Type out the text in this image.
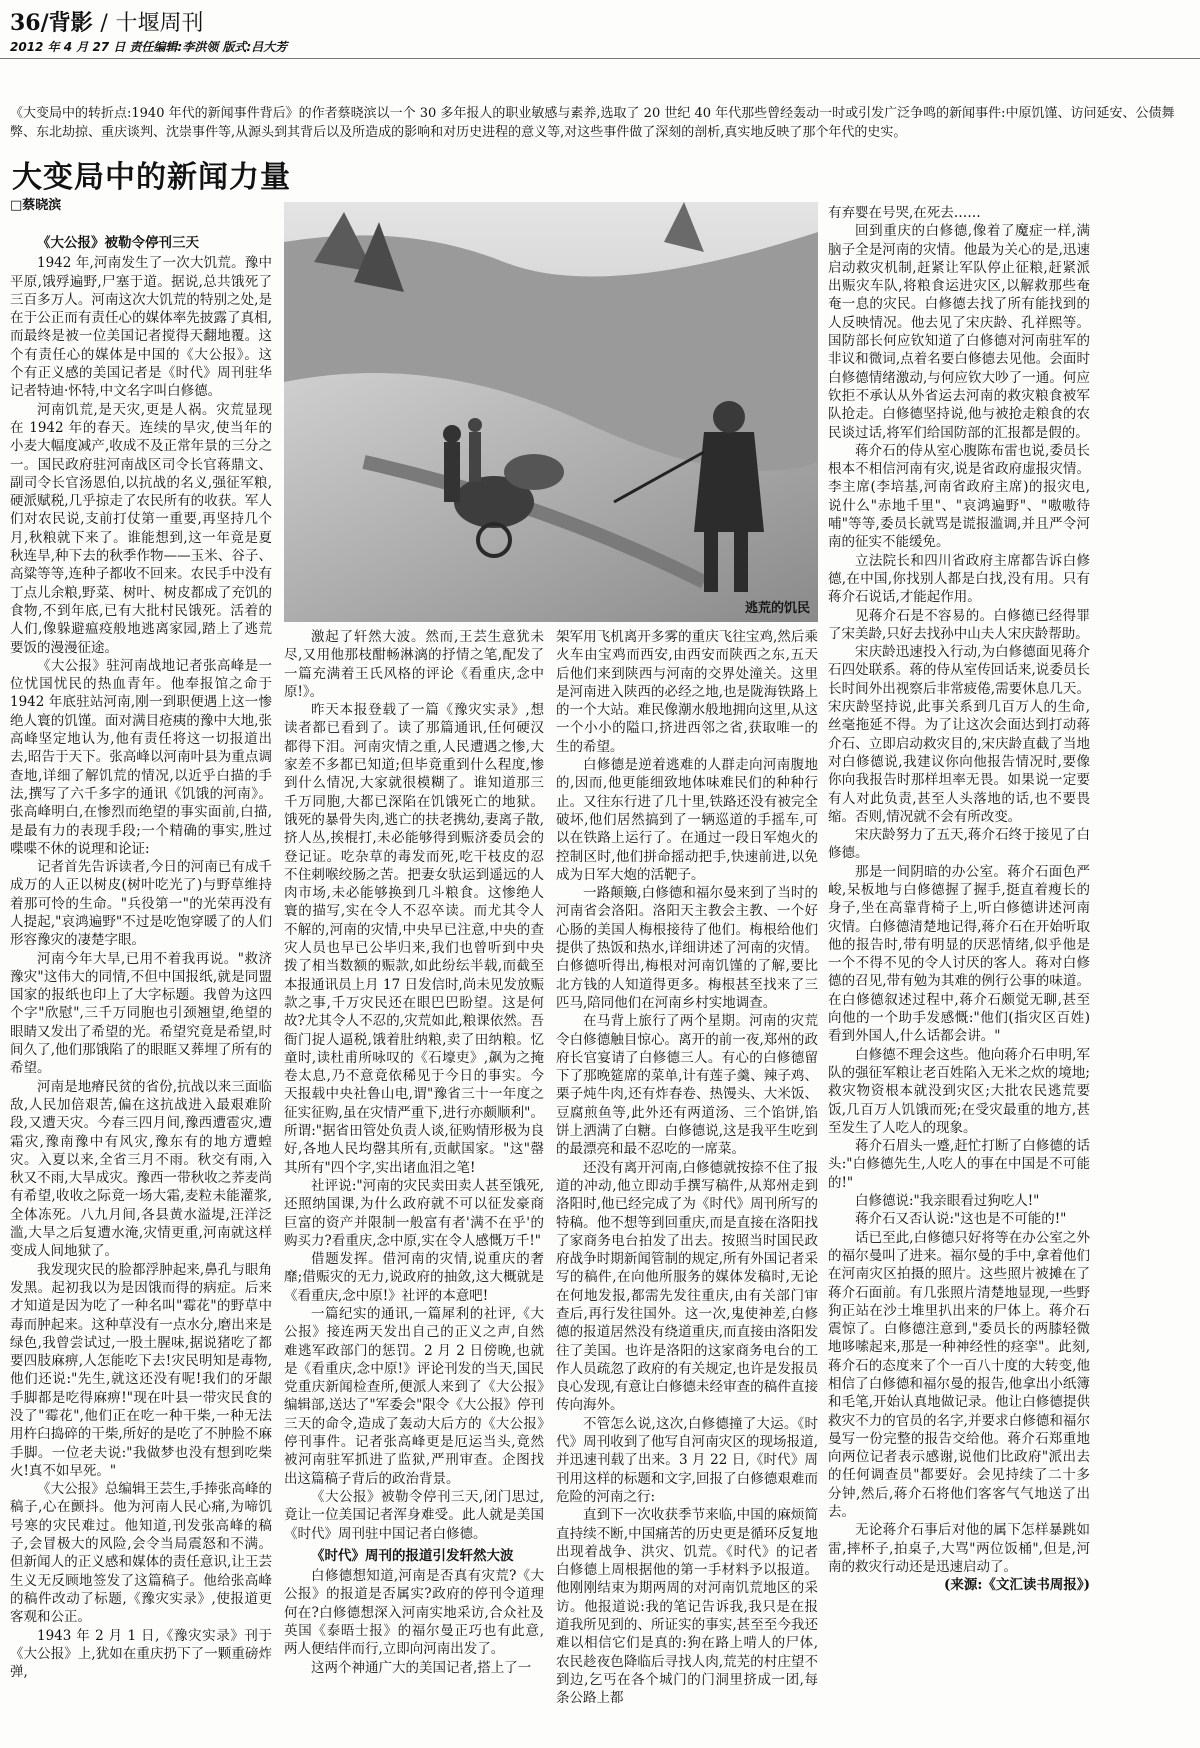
36/背影 / 十堰周刊
2012 年 4 月 27 日 责任编辑:李洪领 版式:吕大芳
《大变局中的转折点:1940 年代的新闻事件背后》的作者蔡晓滨以一个 30 多年报人的职业敏感与素养,选取了 20 世纪 40 年代那些曾经轰动一时或引发广泛争鸣的新闻事件:中原饥馑、访问延安、公债舞弊、东北劫掠、重庆谈判、沈崇事件等,从源头到其背后以及所造成的影响和对历史进程的意义等,对这些事件做了深刻的剖析,真实地反映了那个年代的史实。
大变局中的新闻力量
□蔡晓滨
《大公报》被勒令停刊三天

1942 年,河南发生了一次大饥荒。豫中平原,饿殍遍野,尸塞于道。据说,总共饿死了三百多万人。河南这次大饥荒的特别之处,是在于公正而有责任心的媒体率先披露了真相,而最终是被一位美国记者搅得天翻地覆。这个有责任心的媒体是中国的《大公报》。这个有正义感的美国记者是《时代》周刊驻华记者特迪·怀特,中文名字叫白修德。

河南饥荒,是天灾,更是人祸。灾荒显现在 1942 年的春天。连续的旱灾,使当年的小麦大幅度减产,收成不及正常年景的三分之一。国民政府驻河南战区司令长官蒋鼎文、副司令长官汤恩伯,以抗战的名义,强征军粮,硬派赋税,几乎掠走了农民所有的收获。军人们对农民说,支前打仗第一重要,再坚持几个月,秋粮就下来了。谁能想到,这一年竟是夏秋连旱,种下去的秋季作物——玉米、谷子、高粱等等,连种子都收不回来。农民手中没有丁点儿余粮,野菜、树叶、树皮都成了充饥的食物,不到年底,已有大批村民饿死。活着的人们,像躲避瘟疫般地逃离家园,踏上了逃荒要饭的漫漫征途。

《大公报》驻河南战地记者张高峰是一位忧国忧民的热血青年。他奉报馆之命于 1942 年底驻站河南,刚一到职便遇上这一惨绝人寰的饥馑。面对满目疮痍的豫中大地,张高峰坚定地认为,他有责任将这一切报道出去,昭告于天下。张高峰以河南叶县为重点调查地,详细了解饥荒的情况,以近乎白描的手法,撰写了六千多字的通讯《饥饿的河南》。张高峰明白,在惨烈而绝望的事实面前,白描,是最有力的表现手段;一个精确的事实,胜过喋喋不休的说理和论证:

记者首先告诉读者,今日的河南已有成千成万的人正以树皮(树叶吃光了)与野草维持着那可怜的生命。"兵役第一"的光荣再没有人提起,"哀鸿遍野"不过是吃饱穿暖了的人们形容豫灾的凄楚字眼。

河南今年大旱,已用不着我再说。"救济豫灾"这伟大的同情,不但中国报纸,就是同盟国家的报纸也印上了大字标题。我曾为这四个字"欣慰",三千万同胞也引颈翘望,绝望的眼睛又发出了希望的光。希望究竟是希望,时间久了,他们那饿陷了的眼眶又葬埋了所有的希望。

河南是地瘠民贫的省份,抗战以来三面临敌,人民加倍艰苦,偏在这抗战进入最艰难阶段,又遭天灾。今春三四月间,豫西遭雹灾,遭霜灾,豫南豫中有风灾,豫东有的地方遭蝗灾。入夏以来,全省三月不雨。秋交有雨,入秋又不雨,大旱成灾。豫西一带秋收之荞麦尚有希望,收收之际竟一场大霜,麦粒未能灌浆,全体冻死。八九月间,各县黄水溢堤,汪洋泛滥,大旱之后复遭水淹,灾情更重,河南就这样变成人间地狱了。

我发现灾民的脸都浮肿起来,鼻孔与眼角发黑。起初我以为是因饿而得的病症。后来才知道是因为吃了一种名叫"霉花"的野草中毒而肿起来。这种草没有一点水分,磨出来是绿色,我曾尝试过,一股土腥味,据说猪吃了都要四肢麻痹,人怎能吃下去!灾民明知是毒物,他们还说:"先生,就这还没有呢!我们的牙龈手脚都是吃得麻痹!"现在叶县一带灾民食的没了"霉花",他们正在吃一种干柴,一种无法用杵臼捣碎的干柴,所好的是吃了不肿脸不麻手脚。一位老夫说:"我做梦也没有想到吃柴火!真不如早死。"

《大公报》总编辑王芸生,手捧张高峰的稿子,心在颤抖。他为河南人民心痛,为啼饥号寒的灾民难过。他知道,刊发张高峰的稿子,会冒极大的风险,会令当局震怒和不满。但新闻人的正义感和媒体的责任意识,让王芸生义无反顾地签发了这篇稿子。他给张高峰的稿件改动了标题,《豫灾实录》,使报道更客观和公正。

1943 年 2 月 1 日,《豫灾实录》刊于《大公报》上,犹如在重庆扔下了一颗重磅炸弹,

逃荒的饥民

激起了轩然大波。然而,王芸生意犹未尽,又用他那枝酣畅淋漓的抒情之笔,配发了一篇充满着王氏风格的评论《看重庆,念中原!》。

昨天本报登载了一篇《豫灾实录》,想读者都已看到了。读了那篇通讯,任何硬汉都得下泪。河南灾情之重,人民遭遇之惨,大家差不多都已知道;但毕竟重到什么程度,惨到什么情况,大家就很模糊了。谁知道那三千万同胞,大都已深陷在饥饿死亡的地狱。饿死的暴骨失肉,逃亡的扶老携幼,妻离子散,挤人丛,挨棍打,未必能够得到赈济委员会的登记证。吃杂草的毒发而死,吃干枝皮的忍不住刺喉绞肠之苦。把妻女驮运到遥远的人肉市场,未必能够换到几斗粮食。这惨绝人寰的描写,实在令人不忍卒读。而尤其令人不解的,河南的灾情,中央早已注意,中央的查灾人员也早已公毕归来,我们也曾听到中央拨了相当数额的赈款,如此纷纭半载,而截至本报通讯员上月 17 日发信时,尚未见发放赈款之事,千万灾民还在眼巴巴盼望。这是何故?尤其令人不忍的,灾荒如此,粮课依然。吾衙门捉人逼税,饿着肚纳粮,卖了田纳粮。忆童时,读杜甫所咏叹的《石壕吏》,飙为之掩卷太息,乃不意竟依稀见于今日的事实。今天报载中央社鲁山电,谓"豫省三十一年度之征实征购,虽在灾情严重下,进行亦颇顺利"。所谓:"据省田管处负责人谈,征购情形极为良好,各地人民均罄其所有,贡献国家。"这"罄其所有"四个字,实出诸血泪之笔!

社评说:"河南的灾民卖田卖人甚至饿死,还照纳国课,为什么政府就不可以征发豪商巨富的资产并限制一般富有者'满不在乎'的购买力?看重庆,念中原,实在令人感慨万千!"

借题发挥。借河南的灾情,说重庆的奢靡;借赈灾的无力,说政府的抽敛,这大概就是《看重庆,念中原!》社评的本意吧!

一篇纪实的通讯,一篇犀利的社评,《大公报》接连两天发出自己的正义之声,自然难逃军政部门的惩罚。2 月 2 日傍晚,也就是《看重庆,念中原!》评论刊发的当天,国民党重庆新闻检查所,便派人来到了《大公报》编辑部,送达了"军委会"限令《大公报》停刊三天的命令,造成了轰动大后方的《大公报》停刊事件。记者张高峰更是厄运当头,竟然被河南驻军抓进了监狱,严刑审查。企图找出这篇稿子背后的政治背景。

《大公报》被勒令停刊三天,闭门思过,竟让一位美国记者浑身难受。此人就是美国《时代》周刊驻中国记者白修德。

《时代》周刊的报道引发轩然大波

白修德想知道,河南是否真有灾荒?《大公报》的报道是否属实?政府的停刊令道理何在?白修德想深入河南实地采访,合众社及英国《泰晤士报》的福尔曼正巧也有此意,两人便结伴而行,立即向河南出发了。

这两个神通广大的美国记者,搭上了一

架军用飞机离开多雾的重庆飞往宝鸡,然后乘火车由宝鸡而西安,由西安而陕西之东,五天后他们来到陕西与河南的交界处潼关。这里是河南进入陕西的必经之地,也是陇海铁路上的一个大站。难民像潮水般地拥向这里,从这一个小小的隘口,挤进西邻之省,获取唯一的生的希望。

白修德是逆着逃难的人群走向河南腹地的,因而,他更能细致地体味难民们的种种行止。又往东行进了几十里,铁路还没有被完全破坏,他们居然搞到了一辆巡道的手摇车,可以在铁路上运行了。在通过一段日军炮火的控制区时,他们拼命摇动把手,快速前进,以免成为日军大炮的活靶子。

一路颠簸,白修德和福尔曼来到了当时的河南省会洛阳。洛阳天主教会主教、一个好心肠的美国人梅根接待了他们。梅根给他们提供了热饭和热水,详细讲述了河南的灾情。白修德听得出,梅根对河南饥馑的了解,要比北方钱的人知道得更多。梅根甚至找来了三匹马,陪同他们在河南乡村实地调查。

在马背上旅行了两个星期。河南的灾荒令白修德触目惊心。离开的前一夜,郑州的政府长官宴请了白修德三人。有心的白修德留下了那晚筵席的菜单,计有莲子羹、辣子鸡、栗子炖牛肉,还有炸春卷、热馒头、大米饭、豆腐煎鱼等,此外还有两道汤、三个馅饼,馅饼上洒满了白糖。白修德说,这是我平生吃到的最漂亮和最不忍吃的一席菜。

还没有离开河南,白修德就按捺不住了报道的冲动,他立即动手撰写稿件,从郑州走到洛阳时,他已经完成了为《时代》周刊所写的特稿。他不想等到回重庆,而是直接在洛阳找了家商务电台拍发了出去。按照当时国民政府战争时期新闻管制的规定,所有外国记者采写的稿件,在向他所服务的媒体发稿时,无论在何地发报,都需先发往重庆,由有关部门审查后,再行发往国外。这一次,鬼使神差,白修德的报道居然没有绕道重庆,而直接由洛阳发往了美国。也许是洛阳的这家商务电台的工作人员疏忽了政府的有关规定,也许是发报员良心发现,有意让白修德未经审查的稿件直接传向海外。

不管怎么说,这次,白修德撞了大运。《时代》周刊收到了他写自河南灾区的现场报道,并迅速刊载了出来。3 月 22 日,《时代》周刊用这样的标题和文字,回报了白修德艰难而危险的河南之行:

直到下一次收获季节来临,中国的麻烦简直持续不断,中国痛苦的历史更是循环反复地出现着战争、洪灾、饥荒。《时代》的记者白修德上周根据他的第一手材料予以报道。他刚刚结束为期两周的对河南饥荒地区的采访。他报道说:我的笔记告诉我,我只是在报道我所见到的、所证实的事实,甚至至今我还难以相信它们是真的:狗在路上啃人的尸体,农民趁夜色降临后寻找人肉,荒芜的村庄望不到边,乞丐在各个城门的门洞里挤成一团,每条公路上都

有弃婴在号哭,在死去……

回到重庆的白修德,像着了魔症一样,满脑子全是河南的灾情。他最为关心的是,迅速启动救灾机制,赶紧让军队停止征粮,赶紧派出赈灾车队,将粮食运进灾区,以解救那些奄奄一息的灾民。白修德去找了所有能找到的人反映情况。他去见了宋庆龄、孔祥熙等。国防部长何应钦知道了白修德对河南驻军的非议和微词,点着名要白修德去见他。会面时白修德情绪激动,与何应钦大吵了一通。何应钦拒不承认从外省运去河南的救灾粮食被军队抢走。白修德坚持说,他与被抢走粮食的农民谈过话,将军们给国防部的汇报都是假的。

蒋介石的侍从室心腹陈布雷也说,委员长根本不相信河南有灾,说是省政府虚报灾情。李主席(李培基,河南省政府主席)的报灾电,说什么"赤地千里"、"哀鸿遍野"、"嗷嗷待哺"等等,委员长就骂是谎报滥调,并且严令河南的征实不能缓免。

立法院长和四川省政府主席都告诉白修德,在中国,你找别人都是白找,没有用。只有蒋介石说话,才能起作用。

见蒋介石是不容易的。白修德已经得罪了宋美龄,只好去找孙中山夫人宋庆龄帮助。

宋庆龄迅速投入行动,为白修德面见蒋介石四处联系。蒋的侍从室传回话来,说委员长长时间外出视察后非常疲倦,需要休息几天。宋庆龄坚持说,此事关系到几百万人的生命,丝毫拖延不得。为了让这次会面达到打动蒋介石、立即启动救灾目的,宋庆龄直截了当地对白修德说,我建议你向他报告情况时,要像你向我报告时那样坦率无畏。如果说一定要有人对此负责,甚至人头落地的话,也不要畏缩。否则,情况就不会有所改变。

宋庆龄努力了五天,蒋介石终于接见了白修德。

那是一间阴暗的办公室。蒋介石面色严峻,呆板地与白修德握了握手,挺直着瘦长的身子,坐在高靠背椅子上,听白修德讲述河南灾情。白修德清楚地记得,蒋介石在开始听取他的报告时,带有明显的厌恶情绪,似乎他是一个不得不见的令人讨厌的客人。蒋对白修德的召见,带有勉为其难的例行公事的味道。在白修德叙述过程中,蒋介石颇觉无聊,甚至向他的一个助手发感慨:"他们(指灾区百姓)看到外国人,什么话都会讲。"

白修德不理会这些。他向蒋介石申明,军队的强征军粮让老百姓陷入无米之炊的境地;救灾物资根本就没到灾区;大批农民逃荒要饭,几百万人饥饿而死;在受灾最重的地方,甚至发生了人吃人的现象。

蒋介石眉头一蹙,赶忙打断了白修德的话头:"白修德先生,人吃人的事在中国是不可能的!"

白修德说:"我亲眼看过狗吃人!"

蒋介石又否认说:"这也是不可能的!"

话已至此,白修德只好将等在办公室之外的福尔曼叫了进来。福尔曼的手中,拿着他们在河南灾区拍摄的照片。这些照片被摊在了蒋介石面前。有几张照片清楚地显现,一些野狗正站在沙土堆里扒出来的尸体上。蒋介石震惊了。白修德注意到,"委员长的两膝轻微地哆嗦起来,那是一种神经性的痉挛"。此刻,蒋介石的态度来了个一百八十度的大转变,他相信了白修德和福尔曼的报告,他拿出小纸簿和毛笔,开始认真地做记录。他让白修德提供救灾不力的官员的名字,并要求白修德和福尔曼写一份完整的报告交给他。蒋介石郑重地向两位记者表示感谢,说他们比政府"派出去的任何调查员"都要好。会见持续了二十多分钟,然后,蒋介石将他们客客气气地送了出去。

无论蒋介石事后对他的属下怎样暴跳如雷,摔杯子,拍桌子,大骂"两位饭桶",但是,河南的救灾行动还是迅速启动了。

(来源:《文汇读书周报》)
